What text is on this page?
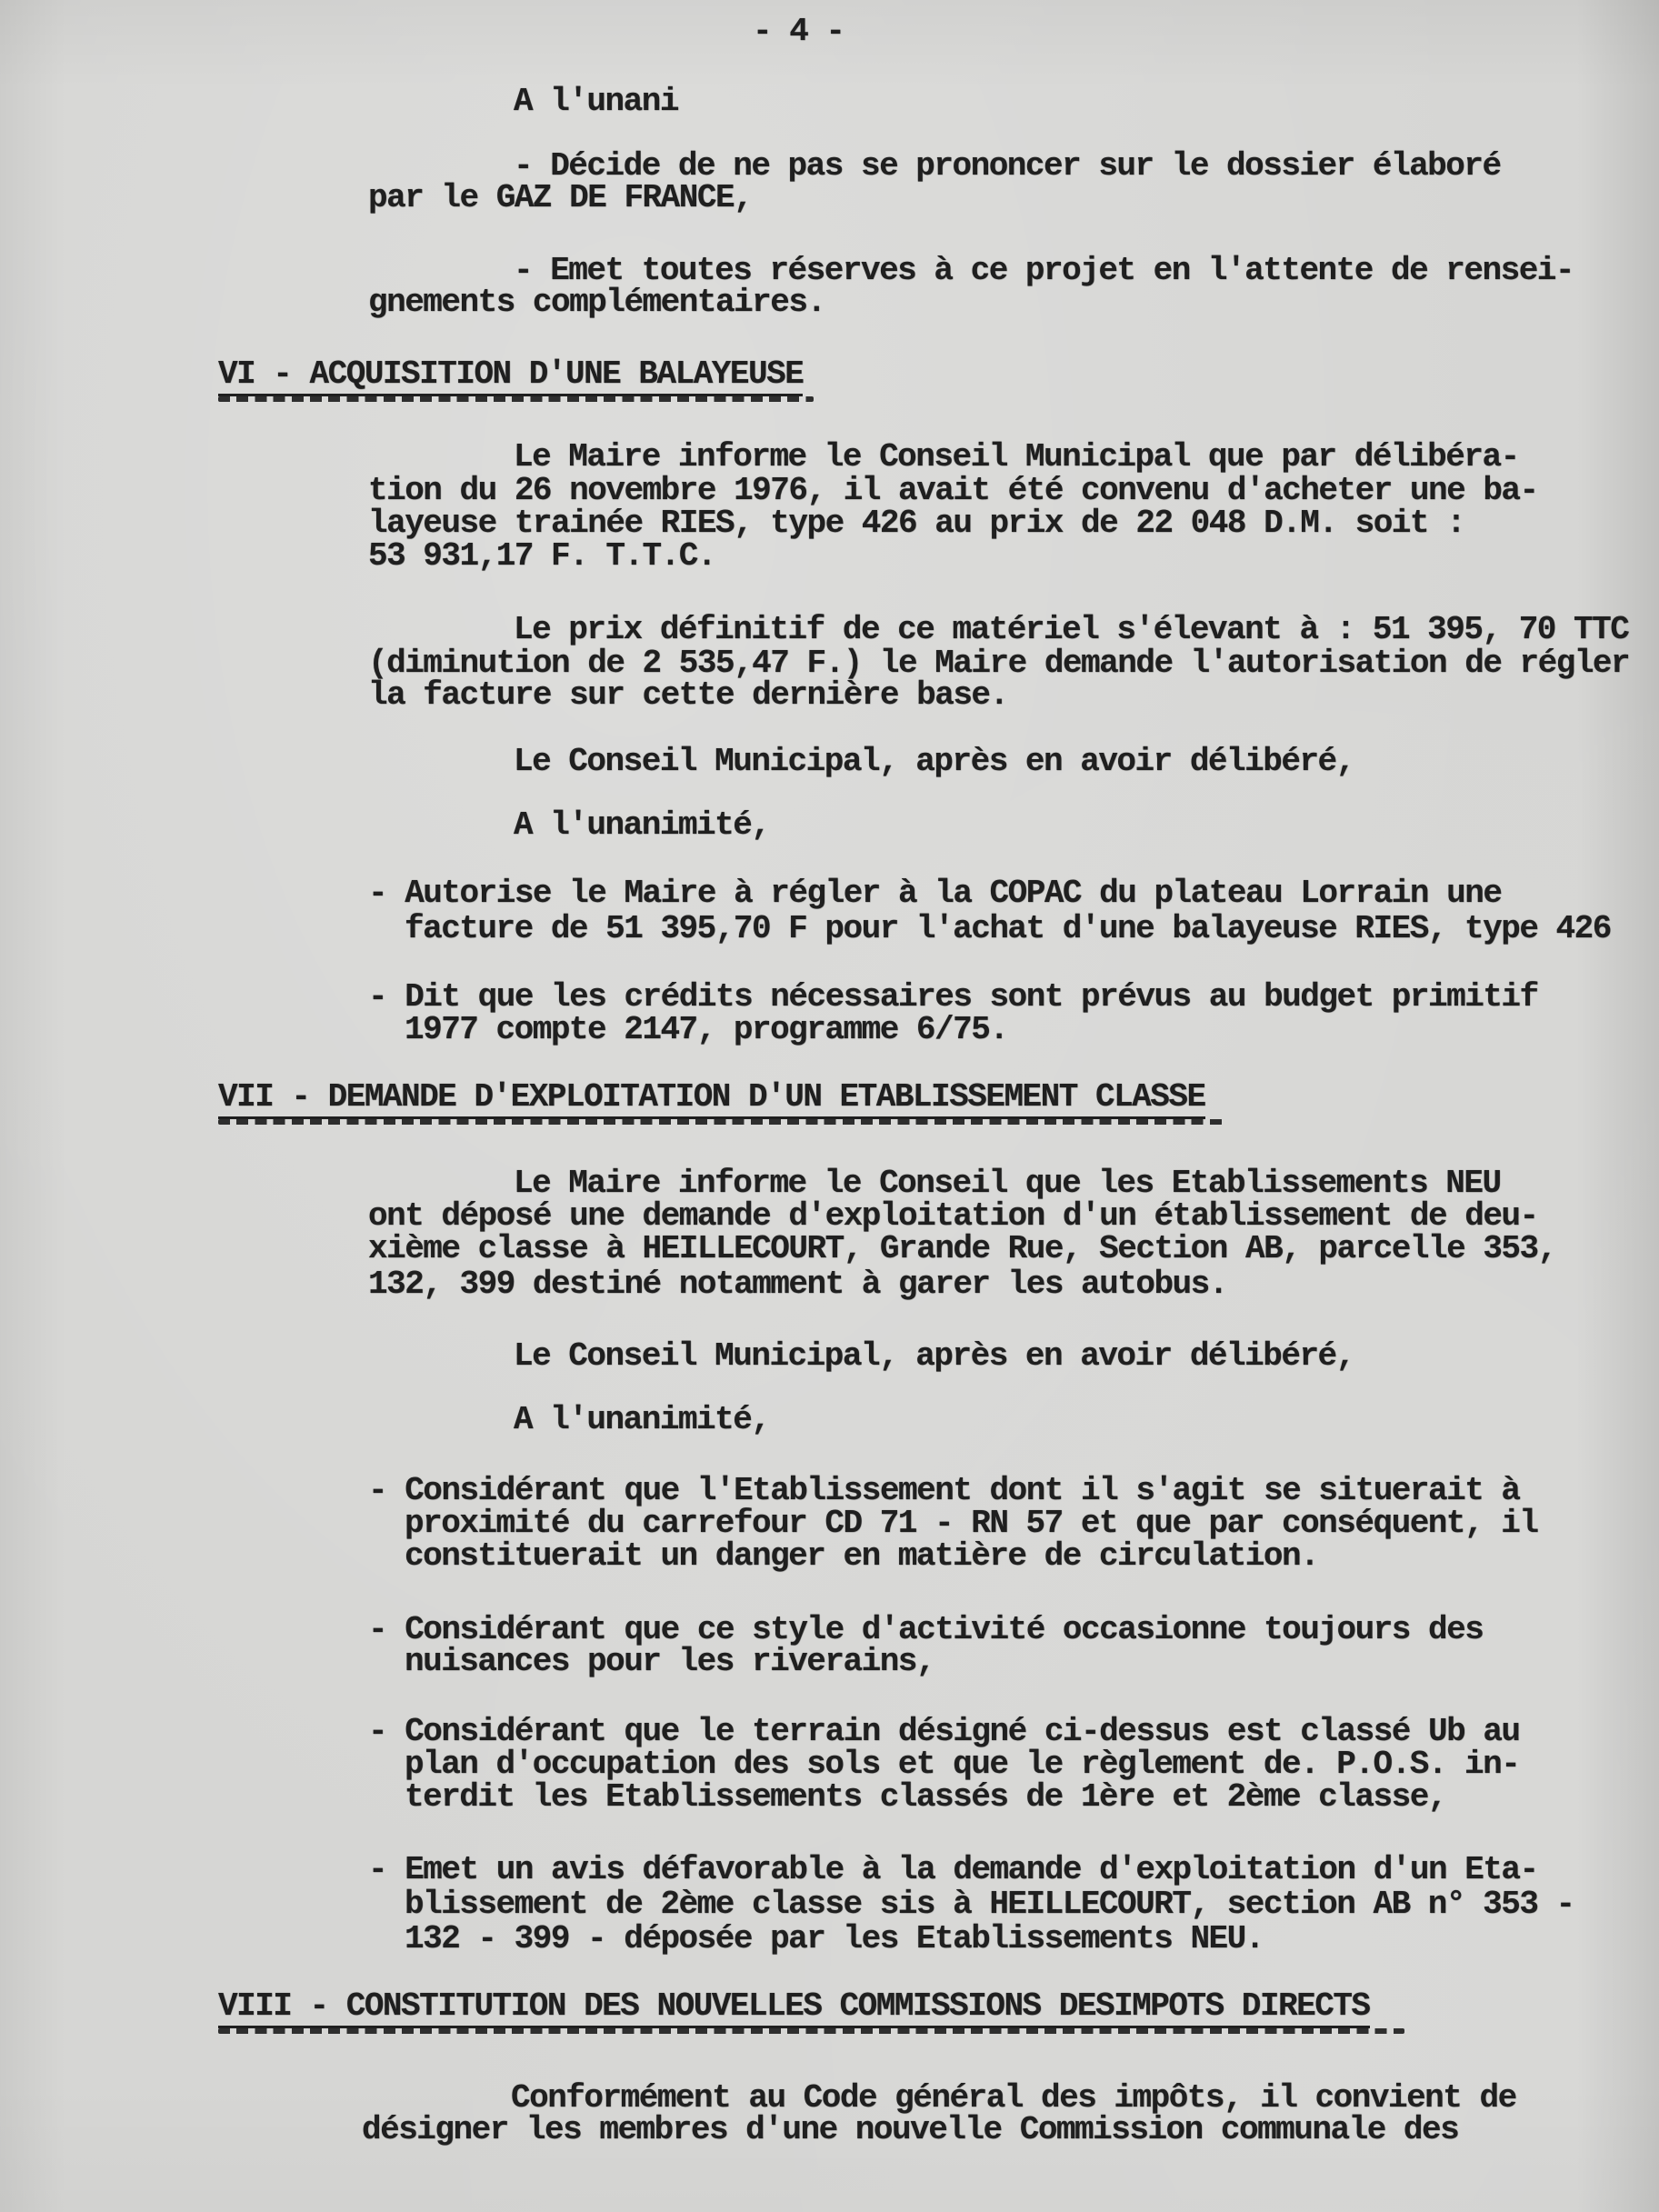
- 4 -
A l'unani
- Décide de ne pas se prononcer sur le dossier élaboré
par le GAZ DE FRANCE,
- Emet toutes réserves à ce projet en l'attente de rensei-
gnements complémentaires.
VI - ACQUISITION D'UNE BALAYEUSE
Le Maire informe le Conseil Municipal que par délibéra-
tion du 26 novembre 1976, il avait été convenu d'acheter une ba-
layeuse trainée RIES, type 426 au prix de 22 048 D.M. soit :
53 931,17 F. T.T.C.
Le prix définitif de ce matériel s'élevant à : 51 395, 70 TTC
(diminution de 2 535,47 F.) le Maire demande l'autorisation de régler
la facture sur cette dernière base.
Le Conseil Municipal, après en avoir délibéré,
A l'unanimité,
- Autorise le Maire à régler à la COPAC du plateau Lorrain une
facture de 51 395,70 F pour l'achat d'une balayeuse RIES, type 426
- Dit que les crédits nécessaires sont prévus au budget primitif
1977 compte 2147, programme 6/75.
VII - DEMANDE D'EXPLOITATION D'UN ETABLISSEMENT CLASSE
Le Maire informe le Conseil que les Etablissements NEU
ont déposé une demande d'exploitation d'un établissement de deu-
xième classe à HEILLECOURT, Grande Rue, Section AB, parcelle 353,
132, 399 destiné notamment à garer les autobus.
Le Conseil Municipal, après en avoir délibéré,
A l'unanimité,
- Considérant que l'Etablissement dont il s'agit se situerait à
proximité du carrefour CD 71 - RN 57 et que par conséquent, il
constituerait un danger en matière de circulation.
- Considérant que ce style d'activité occasionne toujours des
nuisances pour les riverains,
- Considérant que le terrain désigné ci-dessus est classé Ub au
plan d'occupation des sols et que le règlement de. P.O.S. in-
terdit les Etablissements classés de 1ère et 2ème classe,
- Emet un avis défavorable à la demande d'exploitation d'un Eta-
blissement de 2ème classe sis à HEILLECOURT, section AB n° 353 -
132 - 399 - déposée par les Etablissements NEU.
VIII - CONSTITUTION DES NOUVELLES COMMISSIONS DESIMPOTS DIRECTS
Conformément au Code général des impôts, il convient de
désigner les membres d'une nouvelle Commission communale des
